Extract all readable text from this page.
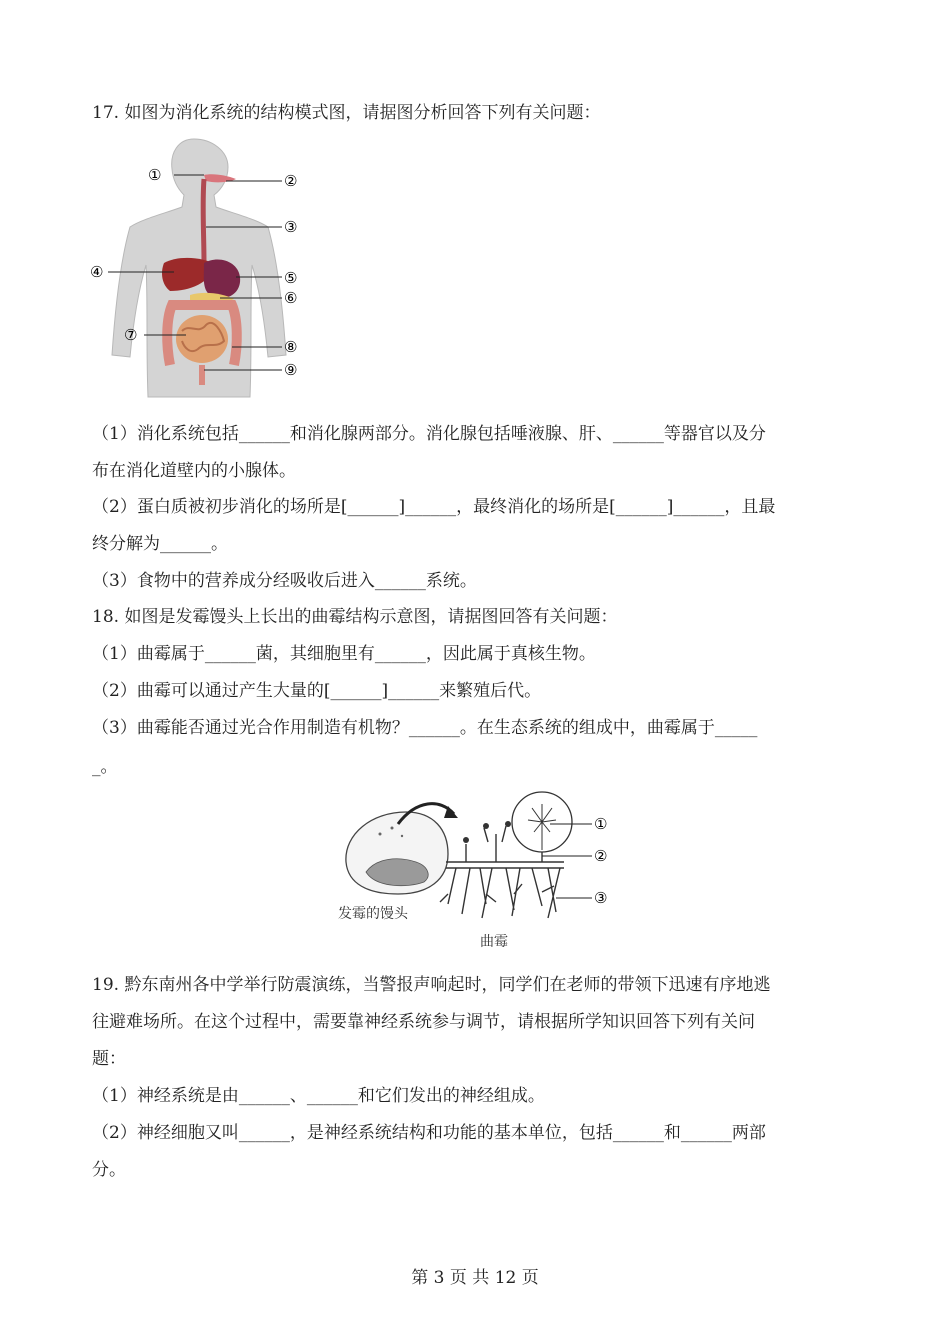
17. 如图为消化系统的结构模式图，请据图分析回答下列有关问题：
①	②
③
④	⑤
⑥
⑦
⑧
⑨
（1）消化系统包括______和消化腺两部分。消化腺包括唾液腺、肝、______等器官以及分
布在消化道壁内的小腺体。
（2）蛋白质被初步消化的场所是[______]______，最终消化的场所是[______]______，且最
终分解为______。
（3）食物中的营养成分经吸收后进入______系统。
18. 如图是发霉馒头上长出的曲霉结构示意图，请据图回答有关问题：
（1）曲霉属于______菌，其细胞里有______，因此属于真核生物。
（2）曲霉可以通过产生大量的[______]______来繁殖后代。
（3）曲霉能否通过光合作用制造有机物？______。在生态系统的组成中，曲霉属于_____
_。
①
②
③
发霉的馒头
曲霉
19. 黔东南州各中学举行防震演练，当警报声响起时，同学们在老师的带领下迅速有序地逃
往避难场所。在这个过程中，需要靠神经系统参与调节，请根据所学知识回答下列有关问
题：
（1）神经系统是由______、______和它们发出的神经组成。
（2）神经细胞又叫______，是神经系统结构和功能的基本单位，包括______和______两部
分。
第 3 页 共 12 页
